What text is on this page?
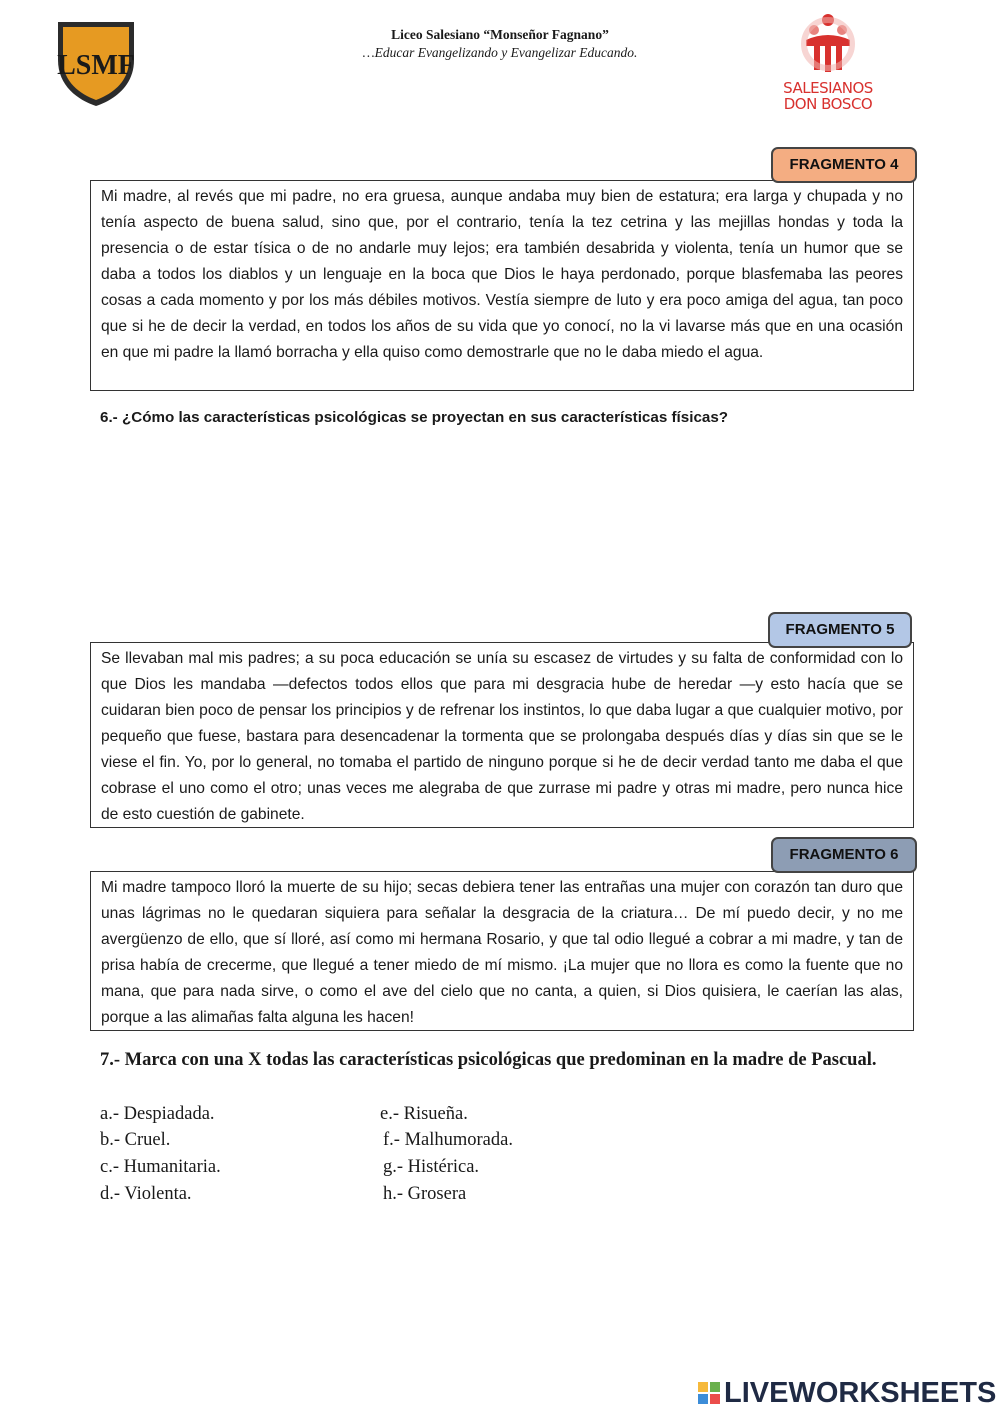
LSMF
Liceo Salesiano “Monseñor Fagnano”
…Educar Evangelizando y Evangelizar Educando.
SALESIANOS
DON BOSCO
FRAGMENTO 4
Mi madre, al revés que mi padre, no era gruesa, aunque andaba muy bien de estatura; era larga y chupada y no tenía aspecto de buena salud, sino que, por el contrario, tenía la tez cetrina y las mejillas hondas y toda la presencia o de estar tísica o de no andarle muy lejos; era también desabrida y violenta, tenía un humor que se daba a todos los diablos y un lenguaje en la boca que Dios le haya perdonado, porque blasfemaba las peores cosas a cada momento y por los más débiles motivos. Vestía siempre de luto y era poco amiga del agua, tan poco que si he de decir la verdad, en todos los años de su vida que yo conocí, no la vi lavarse más que en una ocasión en que mi padre la llamó borracha y ella quiso como demostrarle que no le daba miedo el agua.
6.- ¿Cómo las características psicológicas se proyectan en sus características físicas?
FRAGMENTO 5
Se llevaban mal mis padres; a su poca educación se unía su escasez de virtudes y su falta de conformidad con lo que Dios les mandaba —defectos todos ellos que para mi desgracia hube de heredar —y esto hacía que se cuidaran bien poco de pensar los principios y de refrenar los instintos, lo que daba lugar a que cualquier motivo, por pequeño que fuese, bastara para desencadenar la tormenta que se prolongaba después días y días sin que se le viese el fin. Yo, por lo general, no tomaba el partido de ninguno porque si he de decir verdad tanto me daba el que cobrase el uno como el otro; unas veces me alegraba de que zurrase mi padre y otras mi madre, pero nunca hice de esto cuestión de gabinete.
FRAGMENTO 6
Mi madre tampoco lloró la muerte de su hijo; secas debiera tener las entrañas una mujer con corazón tan duro que unas lágrimas no le quedaran siquiera para señalar la desgracia de la criatura… De mí puedo decir, y no me avergüenzo de ello, que sí lloré, así como mi hermana Rosario, y que tal odio llegué a cobrar a mi madre, y tan de prisa había de crecerme, que llegué a tener miedo de mí mismo. ¡La mujer que no llora es como la fuente que no mana, que para nada sirve, o como el ave del cielo que no canta, a quien, si Dios quisiera, le caerían las alas, porque a las alimañas falta alguna les hacen!
7.- Marca con una X todas las características psicológicas que predominan en la madre de Pascual.
a.- Despiadada.
b.- Cruel.
c.- Humanitaria.
d.- Violenta.
e.- Risueña.
f.- Malhumorada.
g.- Histérica.
h.- Grosera
LIVEWORKSHEETS
